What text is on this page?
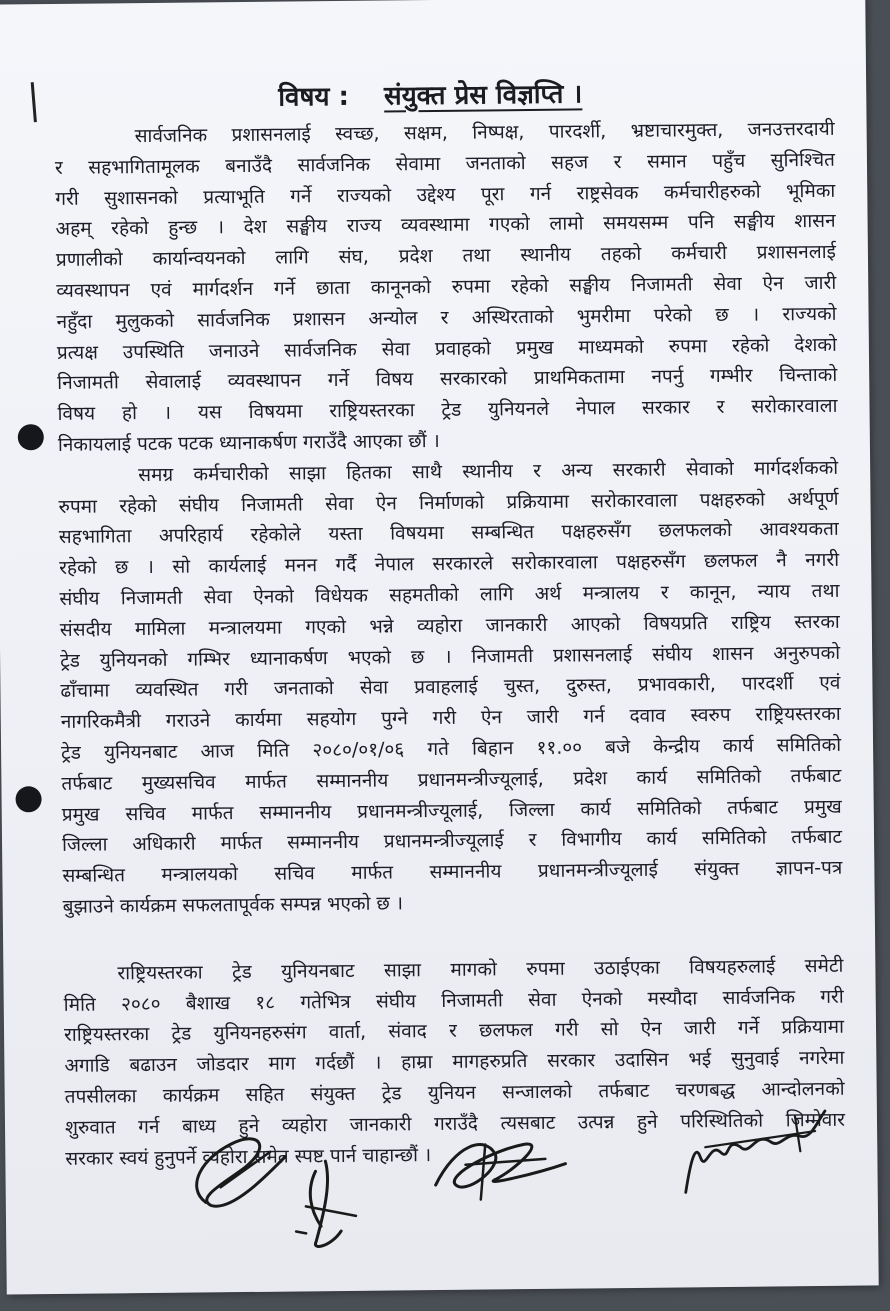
विषय : संयुक्त प्रेस विज्ञप्ति ।
सार्वजनिक प्रशासनलाई स्वच्छ, सक्षम, निष्पक्ष, पारदर्शी, भ्रष्टाचारमुक्त, जनउत्तरदायी
र सहभागितामूलक बनाउँदै सार्वजनिक सेवामा जनताको सहज र समान पहुँच सुनिश्चित
गरी सुशासनको प्रत्याभूति गर्ने राज्यको उद्देश्य पूरा गर्न राष्ट्रसेवक कर्मचारीहरुको भूमिका
अहम् रहेको हुन्छ । देश सङ्घीय राज्य व्यवस्थामा गएको लामो समयसम्म पनि सङ्घीय शासन
प्रणालीको कार्यान्वयनको लागि संघ, प्रदेश तथा स्थानीय तहको कर्मचारी प्रशासनलाई
व्यवस्थापन एवं मार्गदर्शन गर्ने छाता कानूनको रुपमा रहेको सङ्घीय निजामती सेवा ऐन जारी
नहुँदा मुलुकको सार्वजनिक प्रशासन अन्योल र अस्थिरताको भुमरीमा परेको छ । राज्यको
प्रत्यक्ष उपस्थिति जनाउने सार्वजनिक सेवा प्रवाहको प्रमुख माध्यमको रुपमा रहेको देशको
निजामती सेवालाई व्यवस्थापन गर्ने विषय सरकारको प्राथमिकतामा नपर्नु गम्भीर चिन्ताको
विषय हो । यस विषयमा राष्ट्रियस्तरका ट्रेड युनियनले नेपाल सरकार र सरोकारवाला
निकायलाई पटक पटक ध्यानाकर्षण गराउँदै आएका छौं ।
समग्र कर्मचारीको साझा हितका साथै स्थानीय र अन्य सरकारी सेवाको मार्गदर्शकको
रुपमा रहेको संघीय निजामती सेवा ऐन निर्माणको प्रक्रियामा सरोकारवाला पक्षहरुको अर्थपूर्ण
सहभागिता अपरिहार्य रहेकोले यस्ता विषयमा सम्बन्धित पक्षहरुसँग छलफलको आवश्यकता
रहेको छ । सो कार्यलाई मनन गर्दै नेपाल सरकारले सरोकारवाला पक्षहरुसँग छलफल नै नगरी
संघीय निजामती सेवा ऐनको विधेयक सहमतीको लागि अर्थ मन्त्रालय र कानून, न्याय तथा
संसदीय मामिला मन्त्रालयमा गएको भन्ने व्यहोरा जानकारी आएको विषयप्रति राष्ट्रिय स्तरका
ट्रेड युनियनको गम्भिर ध्यानाकर्षण भएको छ । निजामती प्रशासनलाई संघीय शासन अनुरुपको
ढाँचामा व्यवस्थित गरी जनताको सेवा प्रवाहलाई चुस्त, दुरुस्त, प्रभावकारी, पारदर्शी एवं
नागरिकमैत्री गराउने कार्यमा सहयोग पुग्ने गरी ऐन जारी गर्न दवाव स्वरुप राष्ट्रियस्तरका
ट्रेड युनियनबाट आज मिति २०८०/०१/०६ गते बिहान ११.०० बजे केन्द्रीय कार्य समितिको
तर्फबाट मुख्यसचिव मार्फत सम्माननीय प्रधानमन्त्रीज्यूलाई, प्रदेश कार्य समितिको तर्फबाट
प्रमुख सचिव मार्फत सम्माननीय प्रधानमन्त्रीज्यूलाई, जिल्ला कार्य समितिको तर्फबाट प्रमुख
जिल्ला अधिकारी मार्फत सम्माननीय प्रधानमन्त्रीज्यूलाई र विभागीय कार्य समितिको तर्फबाट
सम्बन्धित मन्त्रालयको सचिव मार्फत सम्माननीय प्रधानमन्त्रीज्यूलाई संयुक्त ज्ञापन-पत्र
बुझाउने कार्यक्रम सफलतापूर्वक सम्पन्न भएको छ ।
राष्ट्रियस्तरका ट्रेड युनियनबाट साझा मागको रुपमा उठाईएका विषयहरुलाई समेटी
मिति २०८० बैशाख १८ गतेभित्र संघीय निजामती सेवा ऐनको मस्यौदा सार्वजनिक गरी
राष्ट्रियस्तरका ट्रेड युनियनहरुसंग वार्ता, संवाद र छलफल गरी सो ऐन जारी गर्ने प्रक्रियामा
अगाडि बढाउन जोडदार माग गर्दछौं । हाम्रा मागहरुप्रति सरकार उदासिन भई सुनुवाई नगरेमा
तपसीलका कार्यक्रम सहित संयुक्त ट्रेड युनियन सन्जालको तर्फबाट चरणबद्ध आन्दोलनको
शुरुवात गर्न बाध्य हुने व्यहोरा जानकारी गराउँदै त्यसबाट उत्पन्न हुने परिस्थितिको जिम्मेवार
सरकार स्वयं हुनुपर्ने व्यहोरा समेत स्पष्ट पार्न चाहान्छौं ।
